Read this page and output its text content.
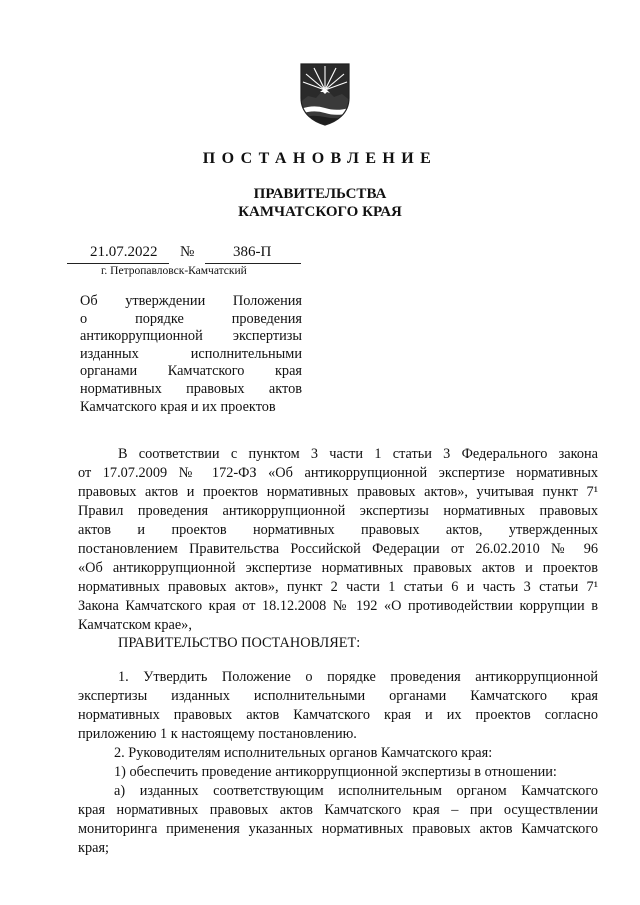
ПОСТАНОВЛЕНИЕ
ПРАВИТЕЛЬСТВА
КАМЧАТСКОГО КРАЯ
21.07.2022 №	386-П
г. Петропавловск-Камчатский
Об утверждении Положения
о порядке проведения
антикоррупционной экспертизы
изданных исполнительными
органами Камчатского края
нормативных правовых актов
Камчатского края и их проектов
В соответствии с пунктом 3 части 1 статьи 3 Федерального закона
от 17.07.2009 № 172-ФЗ «Об антикоррупционной экспертизе нормативных
правовых актов и проектов нормативных правовых актов», учитывая пункт 7¹
Правил проведения антикоррупционной экспертизы нормативных правовых
актов и проектов нормативных правовых актов, утвержденных
постановлением Правительства Российской Федерации от 26.02.2010 № 96
«Об антикоррупционной экспертизе нормативных правовых актов и проектов
нормативных правовых актов», пункт 2 части 1 статьи 6 и часть 3 статьи 7¹
Закона Камчатского края от 18.12.2008 № 192 «О противодействии коррупции в
Камчатском крае»,
ПРАВИТЕЛЬСТВО ПОСТАНОВЛЯЕТ:
1. Утвердить Положение о порядке проведения антикоррупционной
экспертизы изданных исполнительными органами Камчатского края
нормативных правовых актов Камчатского края и их проектов согласно
приложению 1 к настоящему постановлению.
2. Руководителям исполнительных органов Камчатского края:
1) обеспечить проведение антикоррупционной экспертизы в отношении:
а) изданных соответствующим исполнительным органом Камчатского
края нормативных правовых актов Камчатского края – при осуществлении
мониторинга применения указанных нормативных правовых актов Камчатского
края;
